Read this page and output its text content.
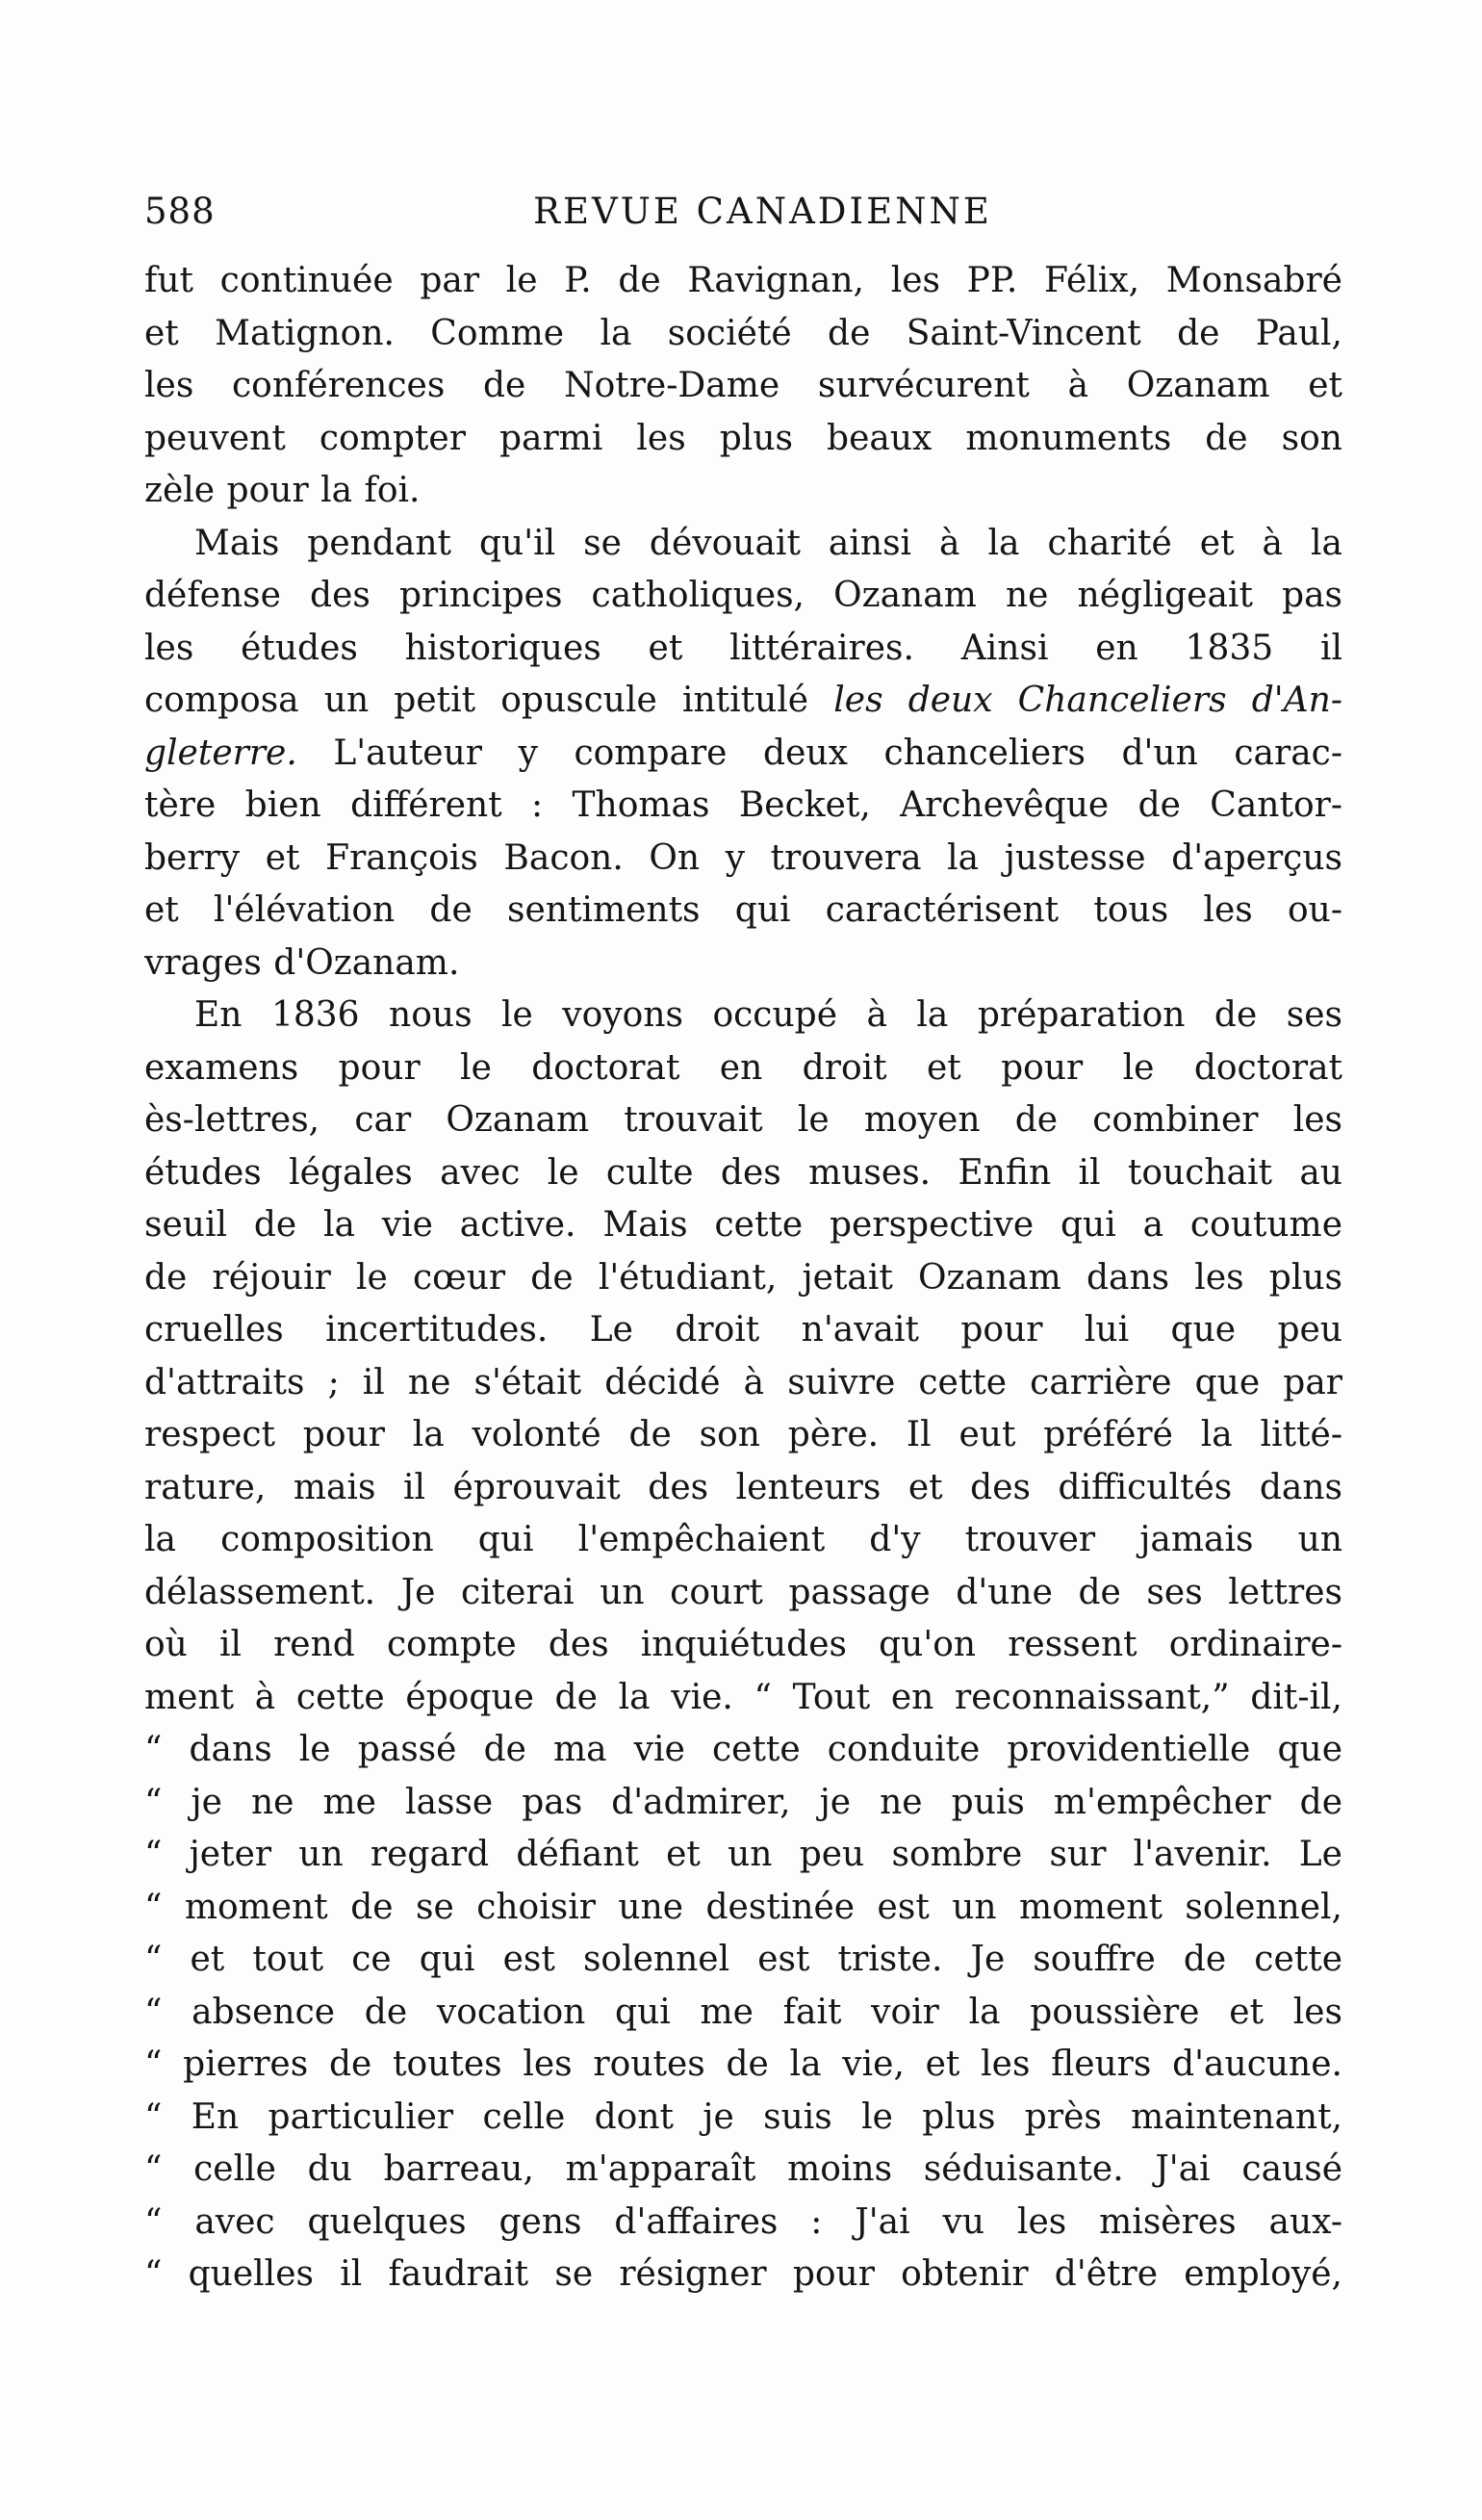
588	REVUE CANADIENNE
fut continuée par le P. de Ravignan, les PP. Félix, Monsabré
et Matignon. Comme la société de Saint-Vincent de Paul,
les conférences de Notre-Dame survécurent à Ozanam et
peuvent compter parmi les plus beaux monuments de son
zèle pour la foi.
Mais pendant qu'il se dévouait ainsi à la charité et à la
défense des principes catholiques, Ozanam ne négligeait pas
les études historiques et littéraires. Ainsi en 1835 il
composa un petit opuscule intitulé les deux Chanceliers d'An-
gleterre. L'auteur y compare deux chanceliers d'un carac-
tère bien différent : Thomas Becket, Archevêque de Cantor-
berry et François Bacon. On y trouvera la justesse d'aperçus
et l'élévation de sentiments qui caractérisent tous les ou-
vrages d'Ozanam.
En 1836 nous le voyons occupé à la préparation de ses
examens pour le doctorat en droit et pour le doctorat
ès-lettres, car Ozanam trouvait le moyen de combiner les
études légales avec le culte des muses. Enfin il touchait au
seuil de la vie active. Mais cette perspective qui a coutume
de réjouir le cœur de l'étudiant, jetait Ozanam dans les plus
cruelles incertitudes. Le droit n'avait pour lui que peu
d'attraits ; il ne s'était décidé à suivre cette carrière que par
respect pour la volonté de son père. Il eut préféré la litté-
rature, mais il éprouvait des lenteurs et des difficultés dans
la composition qui l'empêchaient d'y trouver jamais un
délassement. Je citerai un court passage d'une de ses lettres
où il rend compte des inquiétudes qu'on ressent ordinaire-
ment à cette époque de la vie. “ Tout en reconnaissant,” dit-il,
“ dans le passé de ma vie cette conduite providentielle que
“ je ne me lasse pas d'admirer, je ne puis m'empêcher de
“ jeter un regard défiant et un peu sombre sur l'avenir. Le
“ moment de se choisir une destinée est un moment solennel,
“ et tout ce qui est solennel est triste. Je souffre de cette
“ absence de vocation qui me fait voir la poussière et les
“ pierres de toutes les routes de la vie, et les fleurs d'aucune.
“ En particulier celle dont je suis le plus près maintenant,
“ celle du barreau, m'apparaît moins séduisante. J'ai causé
“ avec quelques gens d'affaires : J'ai vu les misères aux-
“ quelles il faudrait se résigner pour obtenir d'être employé,
